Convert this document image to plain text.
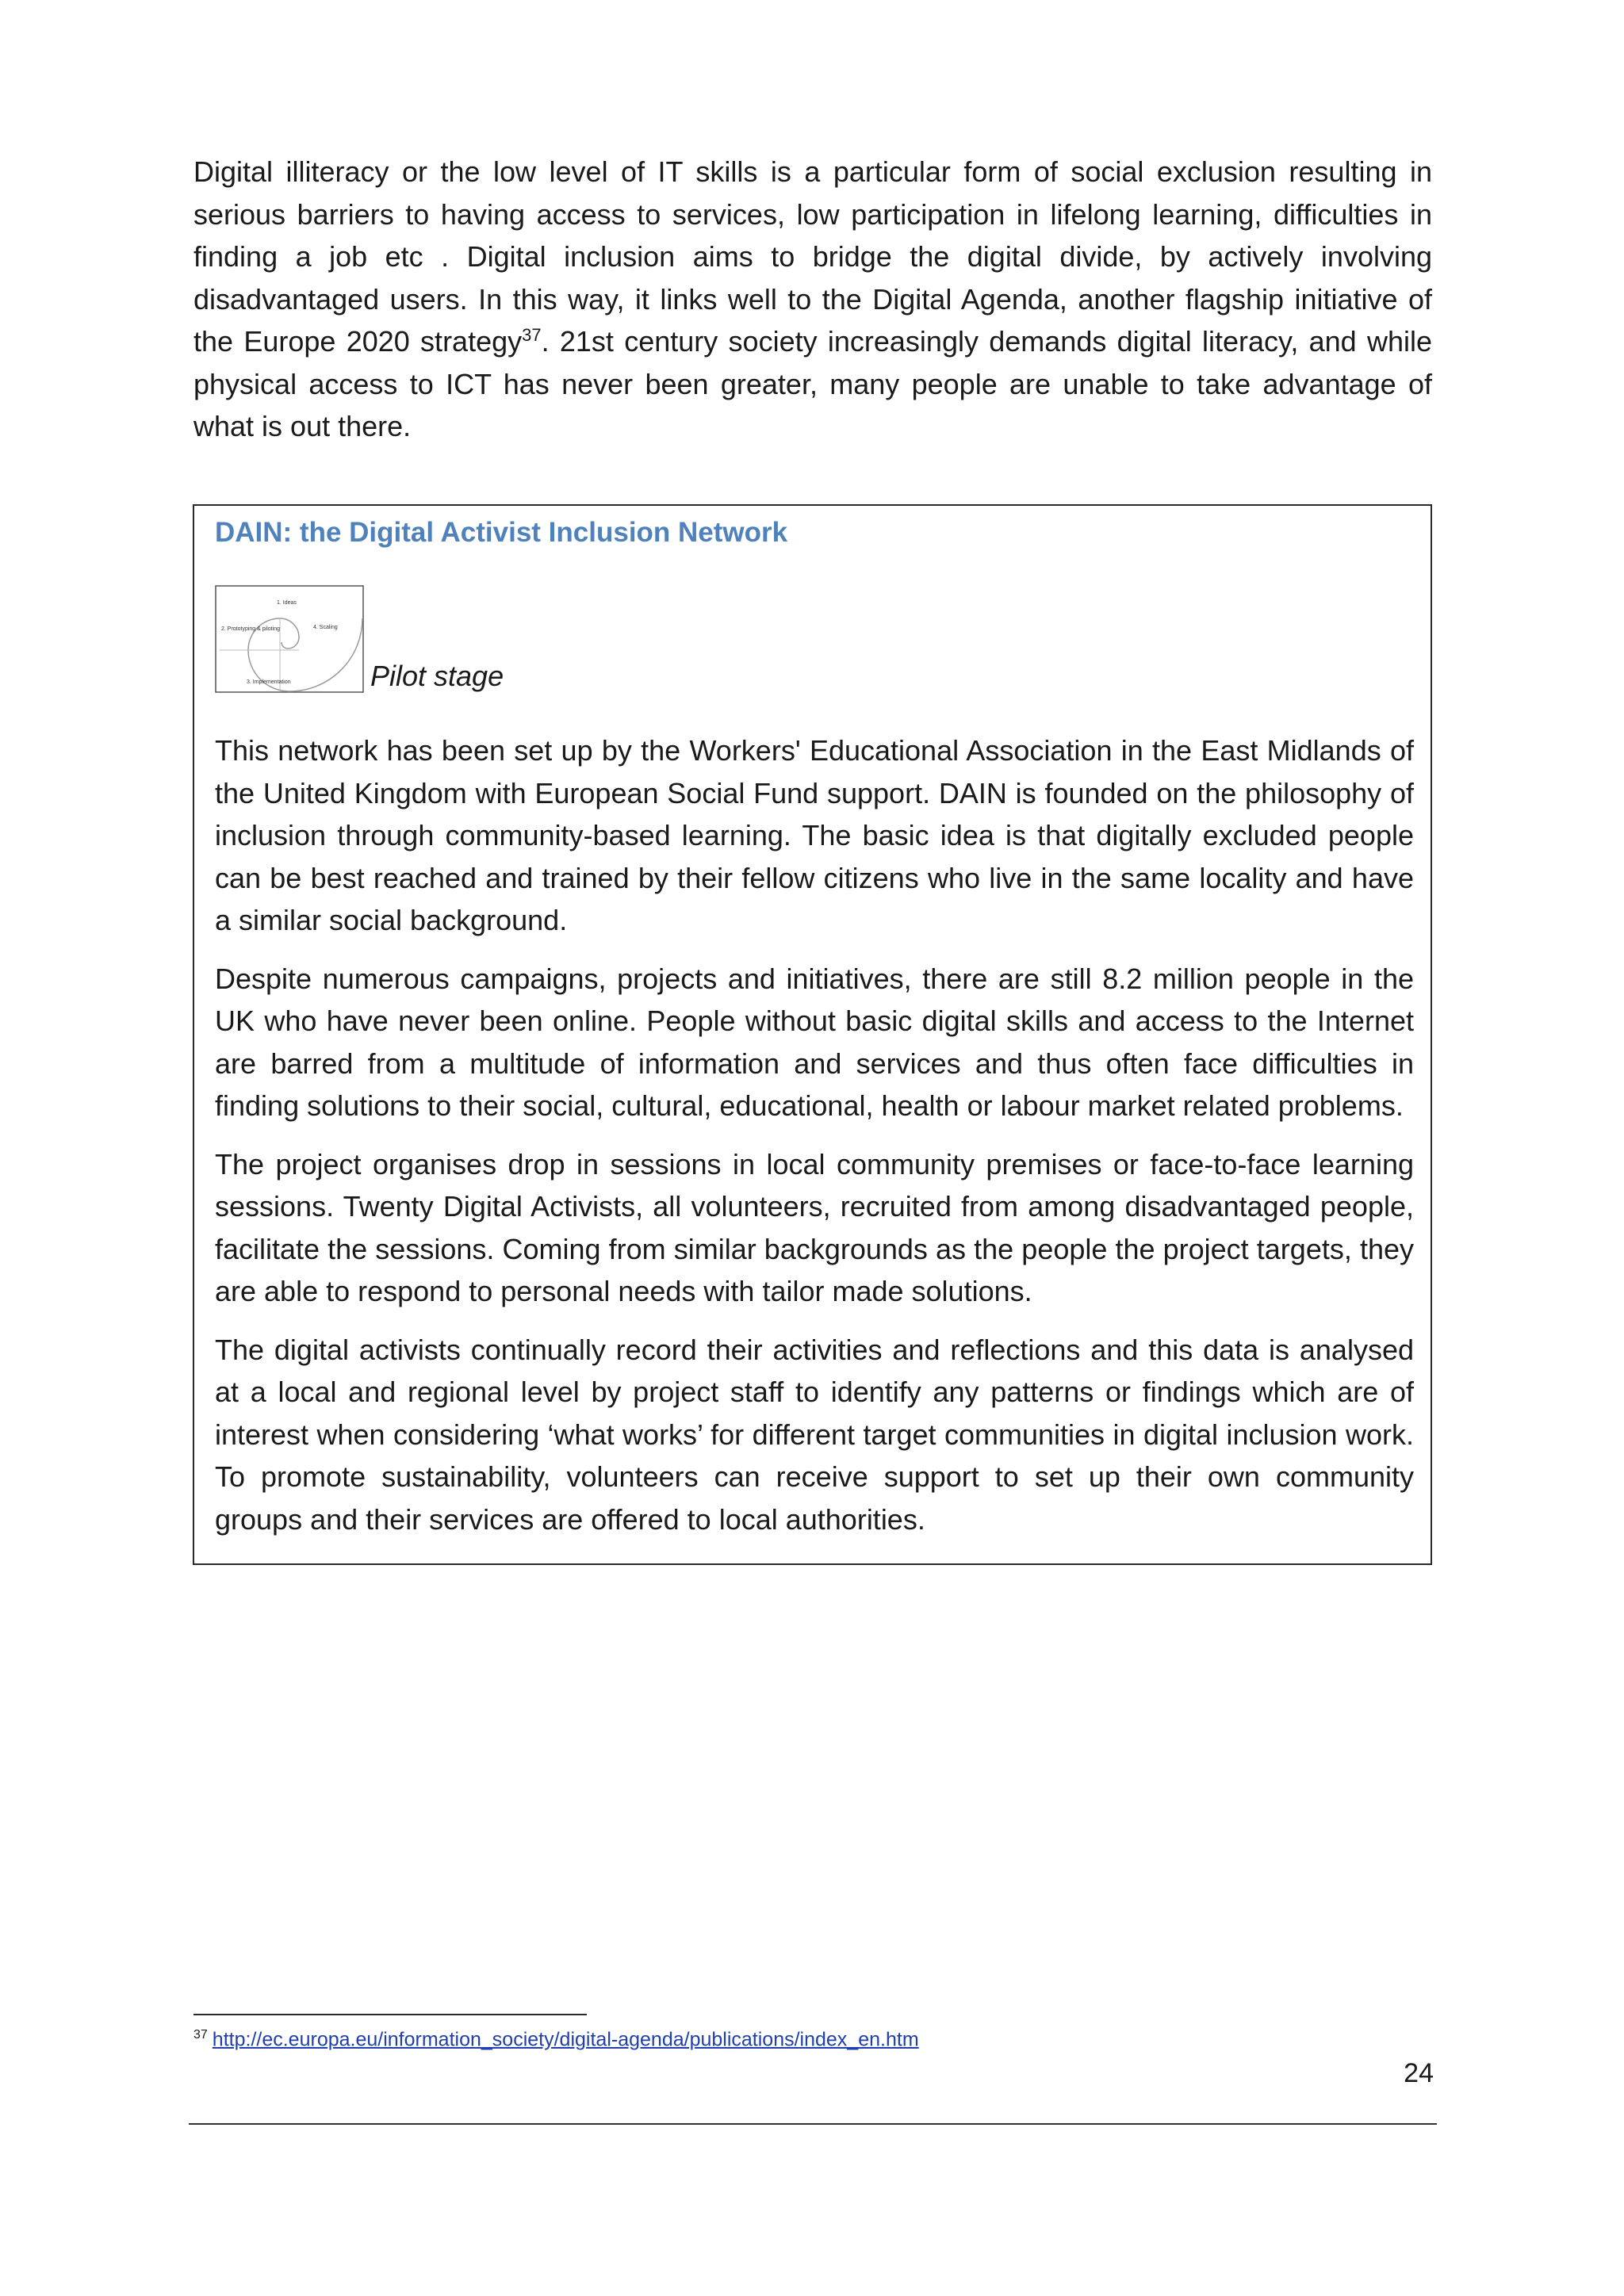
Digital illiteracy or the low level of IT skills is a particular form of social exclusion resulting in serious barriers to having access to services, low participation in lifelong learning, difficulties in finding a job etc . Digital inclusion aims to bridge the digital divide, by actively involving disadvantaged users. In this way, it links well to the Digital Agenda, another flagship initiative of the Europe 2020 strategy$^{37}$. 21st century society increasingly demands digital literacy, and while physical access to ICT has never been greater, many people are unable to take advantage of what is out there.

DAIN: the Digital Activist Inclusion Network
1. Ideas
2. Prototyping & piloting	4. Scaling
3. Implementation	Pilot stage

This network has been set up by the Workers' Educational Association in the East Midlands of the United Kingdom with European Social Fund support. DAIN is founded on the philosophy of inclusion through community-based learning. The basic idea is that digitally excluded people can be best reached and trained by their fellow citizens who live in the same locality and have a similar social background.

Despite numerous campaigns, projects and initiatives, there are still 8.2 million people in the UK who have never been online. People without basic digital skills and access to the Internet are barred from a multitude of information and services and thus often face difficulties in finding solutions to their social, cultural, educational, health or labour market related problems.

The project organises drop in sessions in local community premises or face-to-face learning sessions. Twenty Digital Activists, all volunteers, recruited from among disadvantaged people, facilitate the sessions. Coming from similar backgrounds as the people the project targets, they are able to respond to personal needs with tailor made solutions.

The digital activists continually record their activities and reflections and this data is analysed at a local and regional level by project staff to identify any patterns or findings which are of interest when considering ‘what works’ for different target communities in digital inclusion work. To promote sustainability, volunteers can receive support to set up their own community groups and their services are offered to local authorities.

$^{37}$ http://ec.europa.eu/information_society/digital-agenda/publications/index_en.htm
24
